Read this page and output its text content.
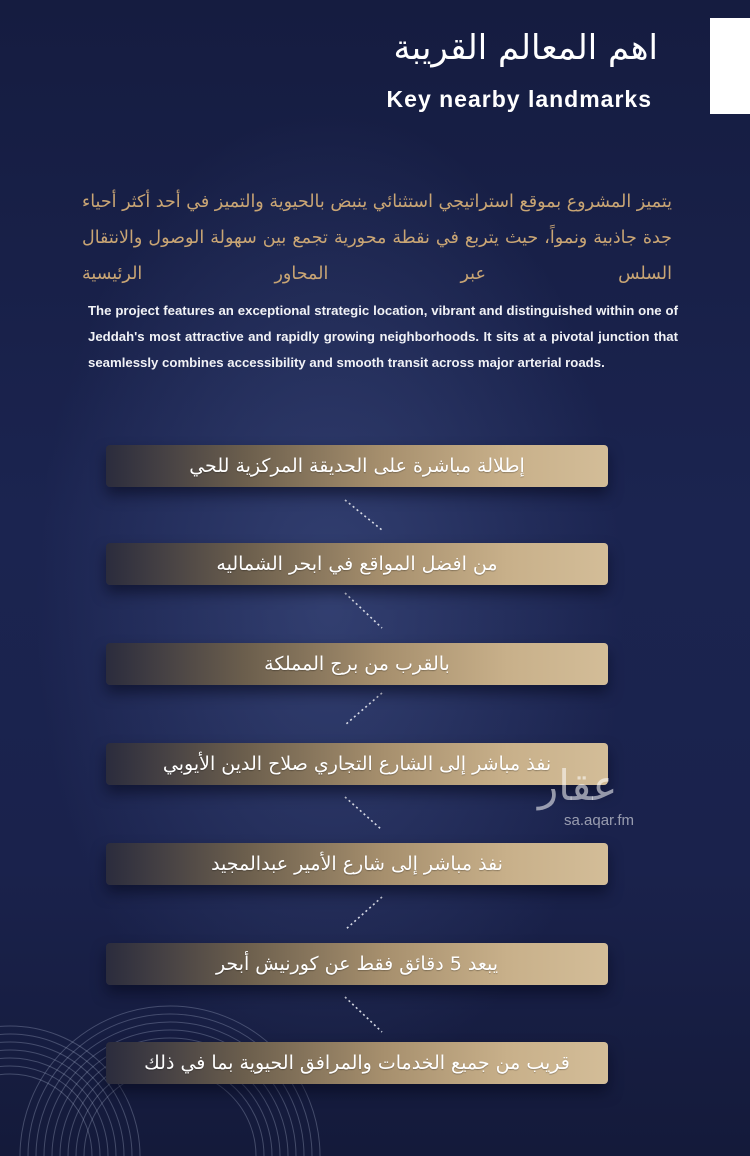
اهم المعالم القريبة
Key nearby landmarks
يتميز المشروع بموقع استراتيجي استثنائي ينبض بالحيوية والتميز في أحد أكثر أحياء جدة جاذبية ونمواً، حيث يتربع في نقطة محورية تجمع بين سهولة الوصول والانتقال السلس عبر المحاور الرئيسية
The project features an exceptional strategic location, vibrant and distinguished within one of Jeddah's most attractive and rapidly growing neighborhoods. It sits at a pivotal junction that seamlessly combines accessibility and smooth transit across major arterial roads.
إطلالة مباشرة على الحديقة المركزية للحي
من افضل المواقع في ابحر الشماليه
بالقرب من برج المملكة
نفذ مباشر إلى الشارع التجاري صلاح الدين الأيوبي
نفذ مباشر إلى شارع الأمير عبدالمجيد
يبعد 5 دقائق فقط عن كورنيش أبحر
قريب من جميع الخدمات والمرافق الحيوية بما في ذلك
عقار
sa.aqar.fm
